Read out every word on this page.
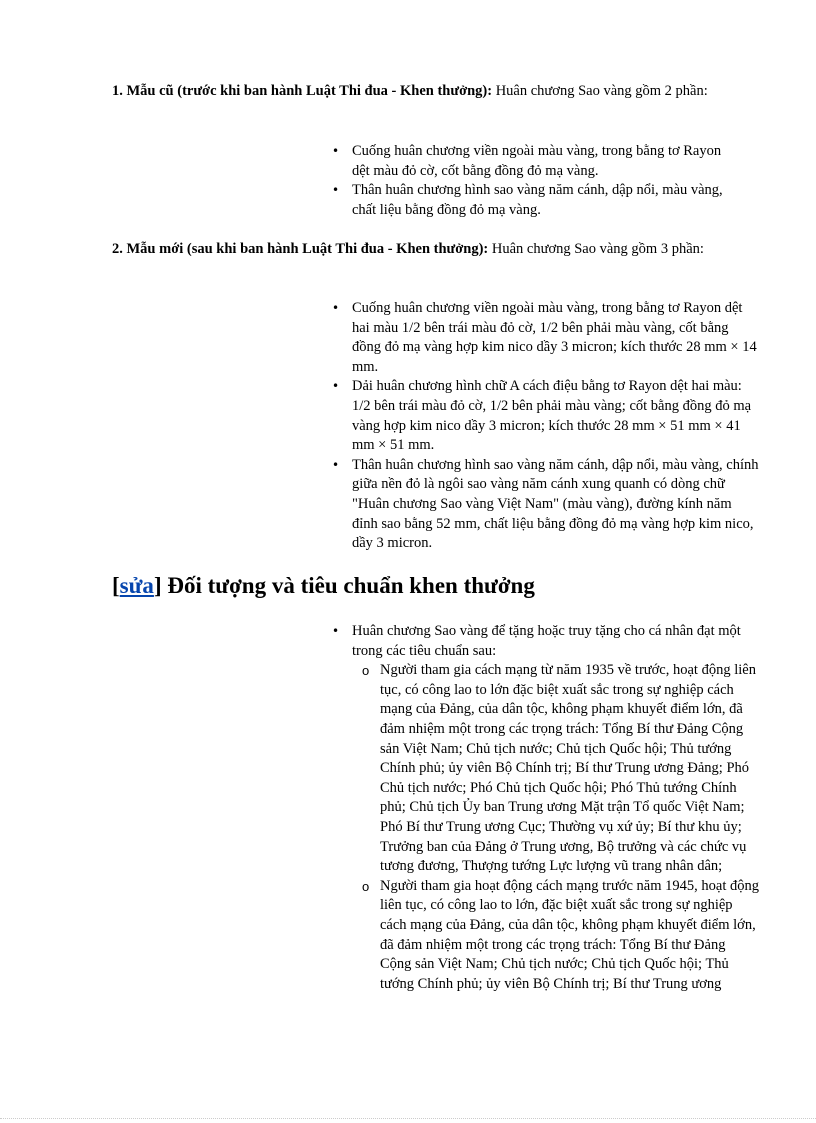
1. Mẫu cũ (trước khi ban hành Luật Thi đua - Khen thưởng): Huân chương Sao vàng gồm 2 phần:

• Cuống huân chương viền ngoài màu vàng, trong bằng tơ Rayon dệt màu đỏ cờ, cốt bằng đồng đỏ mạ vàng.
• Thân huân chương hình sao vàng năm cánh, dập nổi, màu vàng, chất liệu bằng đồng đỏ mạ vàng.

2. Mẫu mới (sau khi ban hành Luật Thi đua - Khen thưởng): Huân chương Sao vàng gồm 3 phần:

• Cuống huân chương viền ngoài màu vàng, trong bằng tơ Rayon dệt hai màu 1/2 bên trái màu đỏ cờ, 1/2 bên phải màu vàng, cốt bằng đồng đỏ mạ vàng hợp kim nico dầy 3 micron; kích thước 28 mm × 14 mm.
• Dải huân chương hình chữ A cách điệu bằng tơ Rayon dệt hai màu: 1/2 bên trái màu đỏ cờ, 1/2 bên phải màu vàng; cốt bằng đồng đỏ mạ vàng hợp kim nico dầy 3 micron; kích thước 28 mm × 51 mm × 41 mm × 51 mm.
• Thân huân chương hình sao vàng năm cánh, dập nổi, màu vàng, chính giữa nền đỏ là ngôi sao vàng năm cánh xung quanh có dòng chữ "Huân chương Sao vàng Việt Nam" (màu vàng), đường kính năm đỉnh sao bằng 52 mm, chất liệu bằng đồng đỏ mạ vàng hợp kim nico, dầy 3 micron.
[sửa] Đối tượng và tiêu chuẩn khen thưởng
• Huân chương Sao vàng để tặng hoặc truy tặng cho cá nhân đạt một trong các tiêu chuẩn sau:
o Người tham gia cách mạng từ năm 1935 về trước, hoạt động liên tục, có công lao to lớn đặc biệt xuất sắc trong sự nghiệp cách mạng của Đảng, của dân tộc, không phạm khuyết điểm lớn, đã đảm nhiệm một trong các trọng trách: Tổng Bí thư Đảng Cộng sản Việt Nam; Chủ tịch nước; Chủ tịch Quốc hội; Thủ tướng Chính phủ; ủy viên Bộ Chính trị; Bí thư Trung ương Đảng; Phó Chủ tịch nước; Phó Chủ tịch Quốc hội; Phó Thủ tướng Chính phủ; Chủ tịch Ủy ban Trung ương Mặt trận Tổ quốc Việt Nam; Phó Bí thư Trung ương Cục; Thường vụ xứ ủy; Bí thư khu ủy; Trưởng ban của Đảng ở Trung ương, Bộ trưởng và các chức vụ tương đương, Thượng tướng Lực lượng vũ trang nhân dân;
o Người tham gia hoạt động cách mạng trước năm 1945, hoạt động liên tục, có công lao to lớn, đặc biệt xuất sắc trong sự nghiệp cách mạng của Đảng, của dân tộc, không phạm khuyết điểm lớn, đã đảm nhiệm một trong các trọng trách: Tổng Bí thư Đảng Cộng sản Việt Nam; Chủ tịch nước; Chủ tịch Quốc hội; Thủ tướng Chính phủ; ủy viên Bộ Chính trị; Bí thư Trung ương
